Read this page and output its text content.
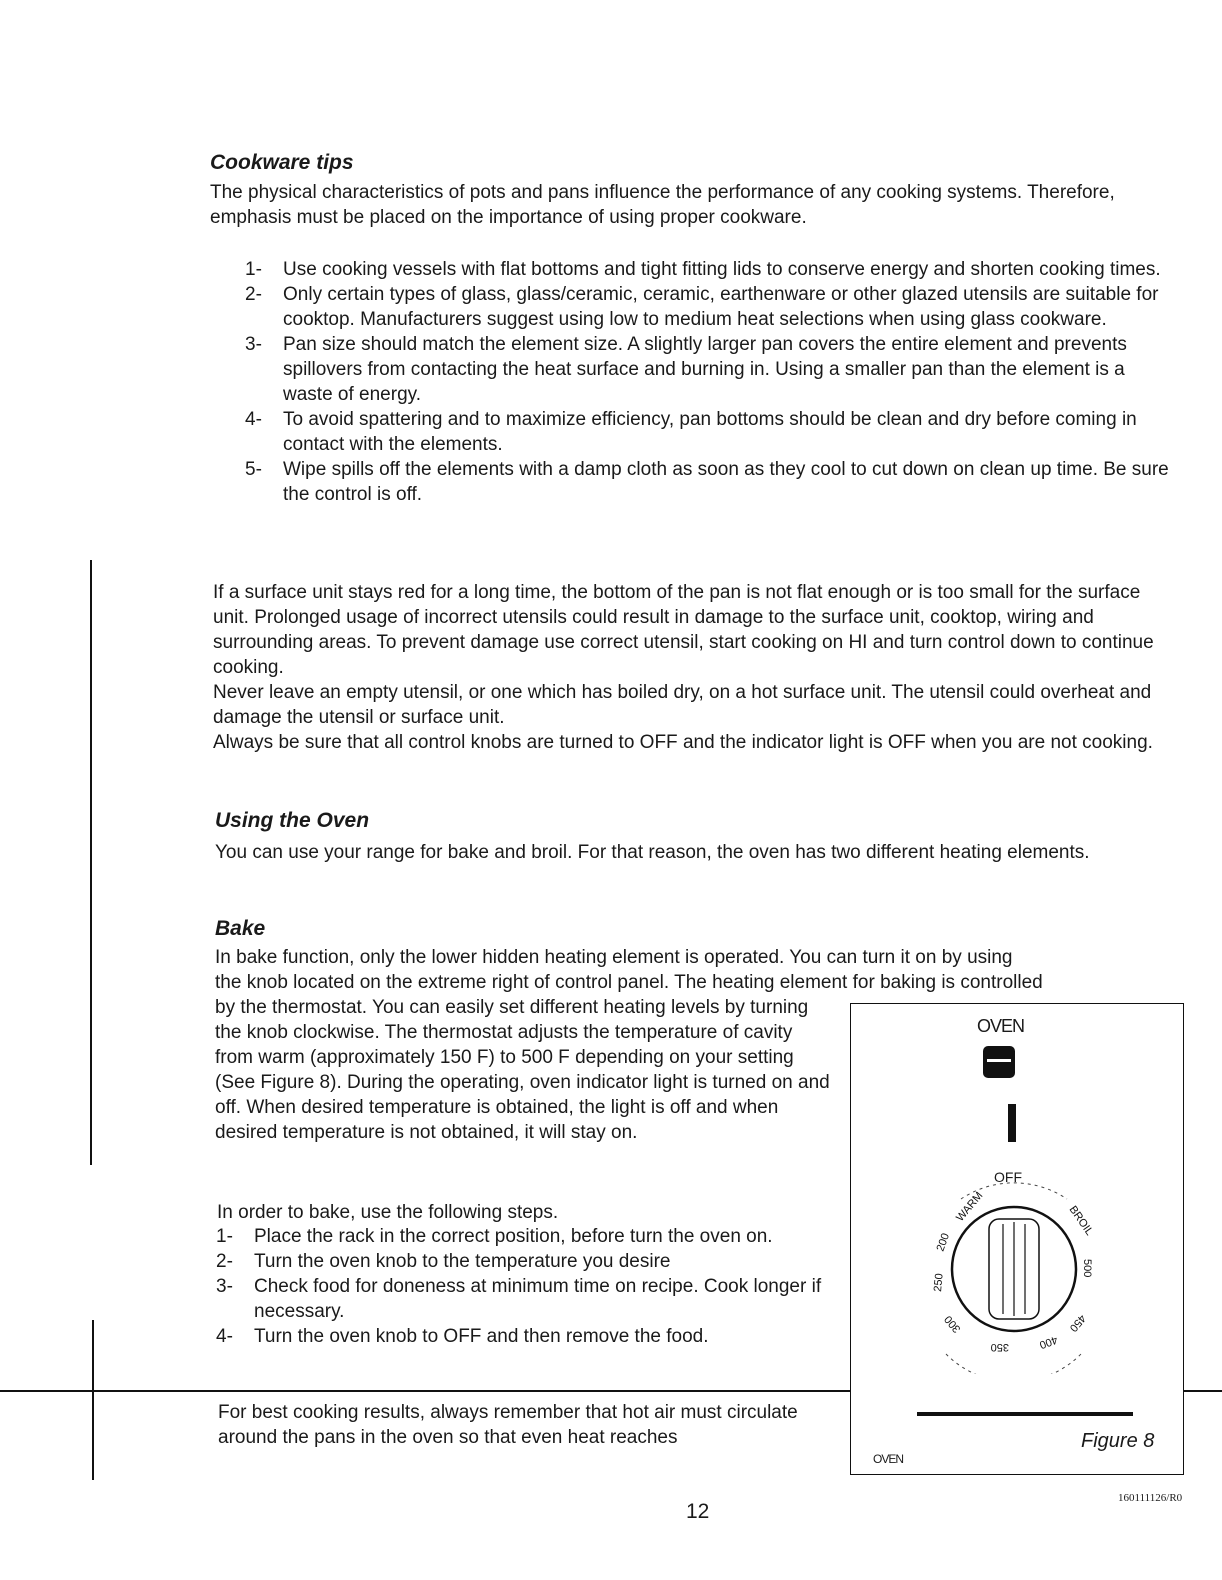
Cookware tips

The physical characteristics of pots and pans influence the performance of any cooking systems. Therefore, emphasis must be placed on the importance of using proper cookware.

1- Use cooking vessels with flat bottoms and tight fitting lids to conserve energy and shorten cooking times.
2- Only certain types of glass, glass/ceramic, ceramic, earthenware or other glazed utensils are suitable for cooktop. Manufacturers suggest using low to medium heat selections when using glass cookware.
3- Pan size should match the element size. A slightly larger pan covers the entire element and prevents spillovers from contacting the heat surface and burning in. Using a smaller pan than the element is a waste of energy.
4- To avoid spattering and to maximize efficiency, pan bottoms should be clean and dry before coming in contact with the elements.
5- Wipe spills off the elements with a damp cloth as soon as they cool to cut down on clean up time. Be sure the control is off.

If a surface unit stays red for a long time, the bottom of the pan is not flat enough or is too small for the surface unit. Prolonged usage of incorrect utensils could result in damage to the surface unit, cooktop, wiring and surrounding areas. To prevent damage use correct utensil, start cooking on HI and turn control down to continue cooking.

Never leave an empty utensil, or one which has boiled dry, on a hot surface unit. The utensil could overheat and damage the utensil or surface unit.

Always be sure that all control knobs are turned to OFF and the indicator light is OFF when you are not cooking.

Using the Oven

You can use your range for bake and broil. For that reason, the oven has two different heating elements.

Bake

In bake function, only the lower hidden heating element is operated. You can turn it on by using

the knob located on the extreme right of control panel. The heating element for baking is controlled

by the thermostat. You can easily set different heating levels by turning the knob clockwise. The thermostat adjusts the temperature of cavity from warm (approximately 150 F) to 500 F depending on your setting (See Figure 8). During the operating, oven indicator light is turned on and off. When desired temperature is obtained, the light is off and when desired temperature is not obtained, it will stay on.

In order to bake, use the following steps.

1- Place the rack in the correct position, before turn the oven on.
2- Turn the oven knob to the temperature you desire
3- Check food for doneness at minimum time on recipe. Cook longer if necessary.
4- Turn the oven knob to OFF and then remove the food.

For best cooking results, always remember that hot air must circulate around the pans in the oven so that even heat reaches

OVEN
OFF
WARM
200
250
300
350	400
450
500
BROIL
OVEN
Figure 8
12
160111126/R0
